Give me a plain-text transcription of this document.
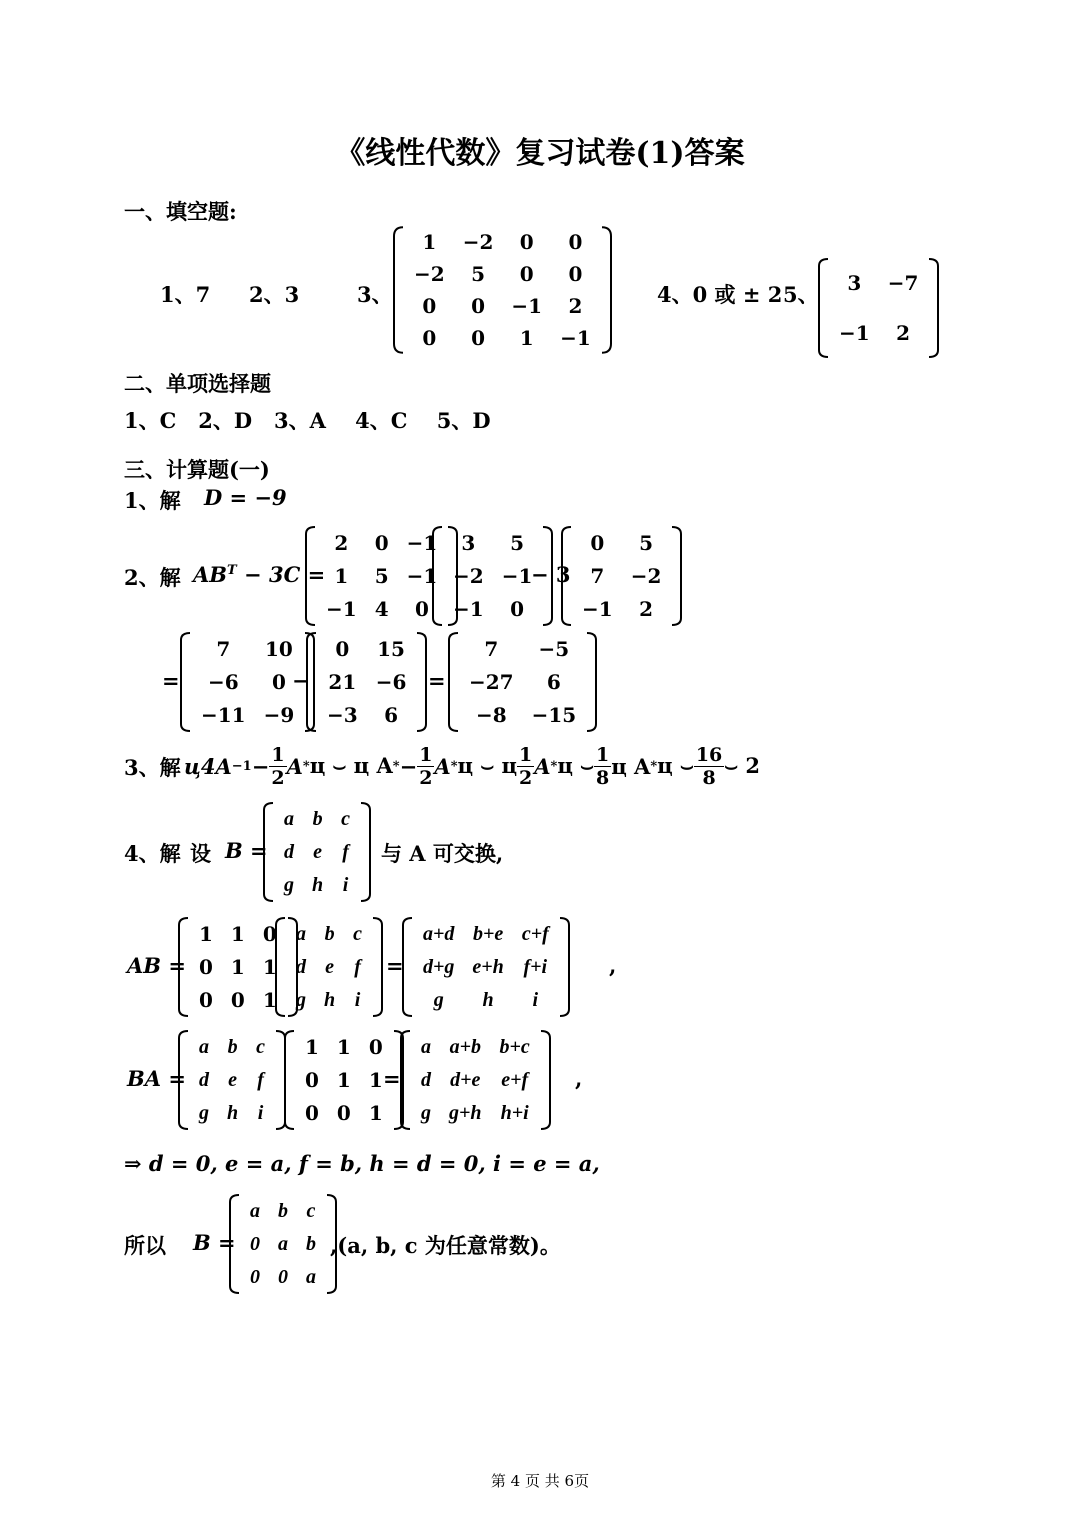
《线性代数》复习试卷(1)答案
一、填空题:
1、7 2、3	3、
1	−2	0	0
−2	5	0	0
0	0	−1	2
0	0	1	−1
4、0 或 ± 2 5、 3	−7
−1	2
二、单项选择题
1、C   2、D   3、A    4、C    5、D
三、计算题(一)
1、解 D = −9
2、解 $AB^T - 3C$ =
2	0	−1
1	5	−1
−1	4	0
3	5
−2	−1
−1	0
− 3
0	5
7	−2
−1	2
=
7	10
−6	0
−11	−9
−
0	15
21	−6
−3	6
=
7	−5
−27	6
−8	−15
3、解 $ц4A -1 - \frac{1}{2}$ A * ц ⌣ ц A * − $\frac{1}{2}$ A * ц ⌣ ц $\frac{1}{2}$ A * ц ⌣ $\frac{1}{8}$ ц A * ц ⌣ $\frac{16}{8}$ ⌣ 2
4、解 设 B =
a	b	c
d	e	f
g	h	i
与 A 可交换,
AB =
1	1	0
0	1	1
0	0	1
a	b	c
d	e	f
g	h	i
=
a+d	b+e	c+f
d+g	e+h	f+i
g	h	i
,
BA =
a	b	c
d	e	f
g	h	i
1	1	0
0	1	1
0	0	1
=
a	a+b	b+c
d	d+e	e+f
g	g+h	h+i
,
⇒ d = 0, e = a, f = b, h = d = 0, i = e = a,
所以 B =
a	b	c
0	a	b
0	0	a
,(a, b, c 为任意常数)。
第 4 页 共 6页
